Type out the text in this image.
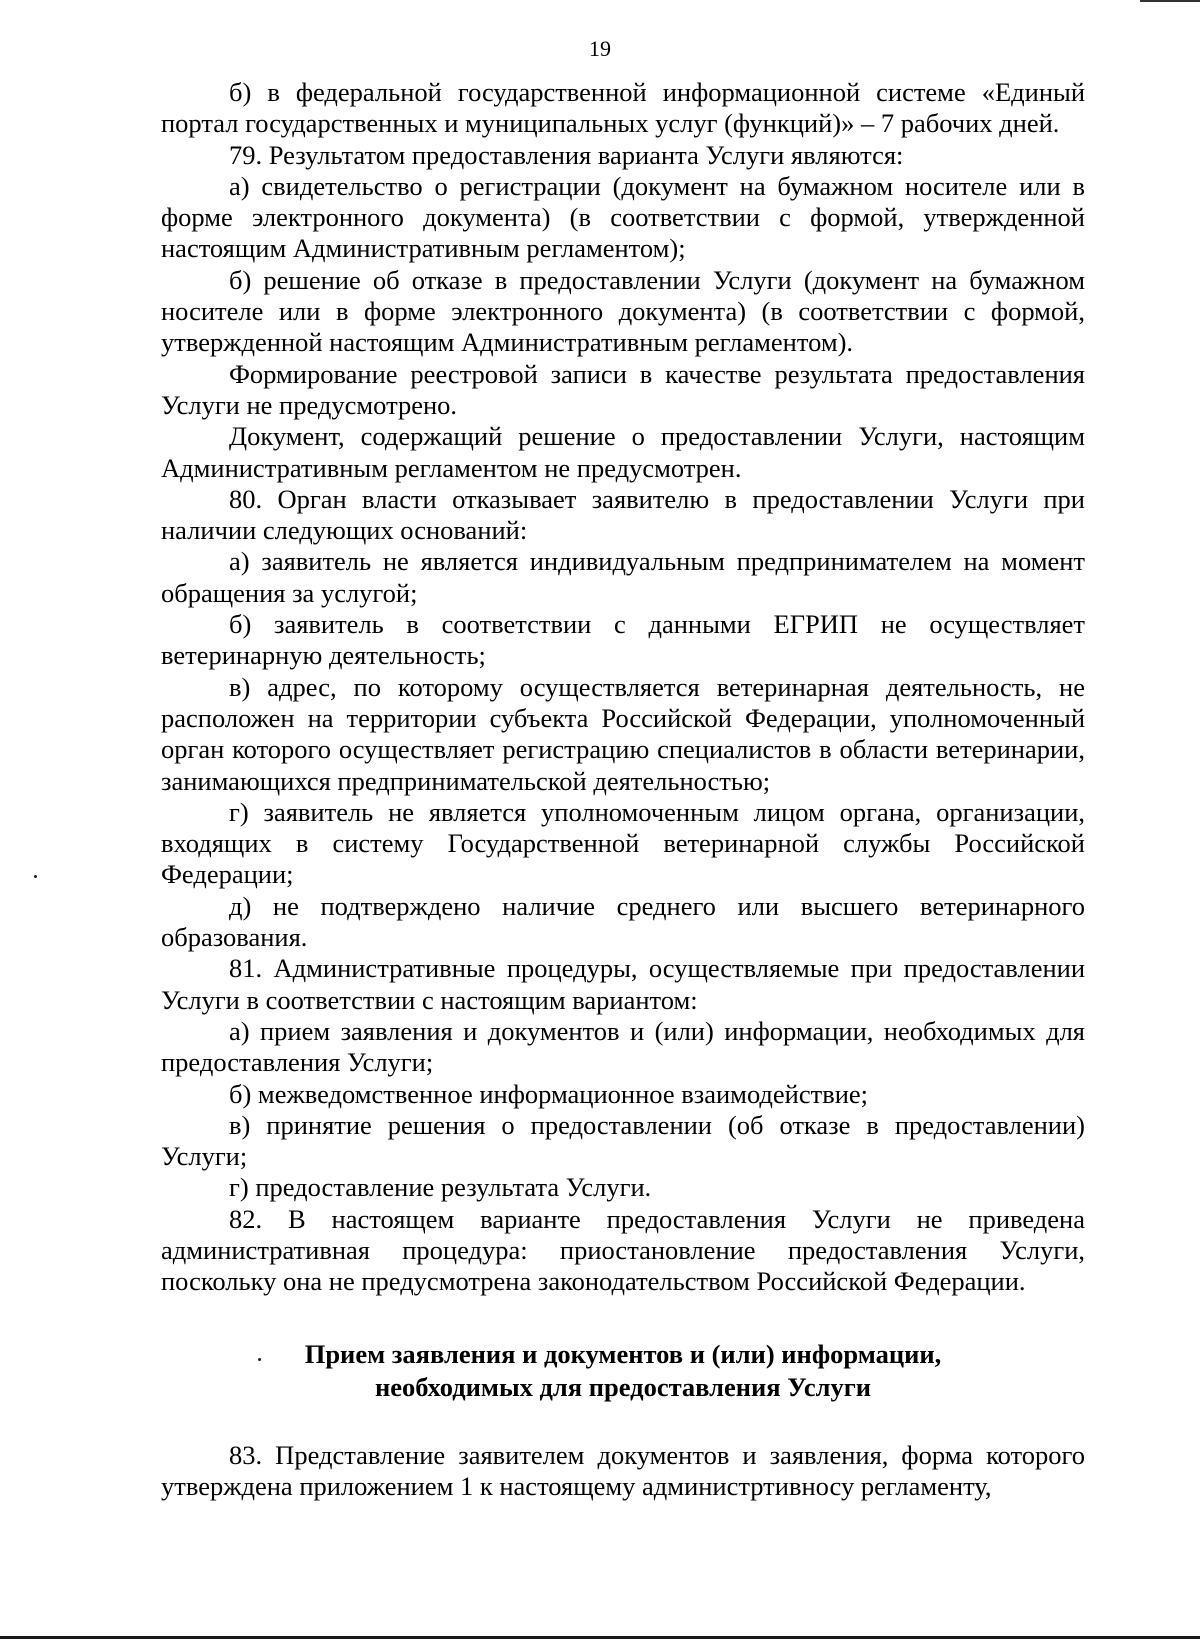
19

б) в федеральной государственной информационной системе «Единый портал государственных и муниципальных услуг (функций)» – 7 рабочих дней.

79. Результатом предоставления варианта Услуги являются:

а) свидетельство о регистрации (документ на бумажном носителе или в форме электронного документа) (в соответствии с формой, утвержденной настоящим Административным регламентом);

б) решение об отказе в предоставлении Услуги (документ на бумажном носителе или в форме электронного документа) (в соответствии с формой, утвержденной настоящим Административным регламентом).

Формирование реестровой записи в качестве результата предоставления Услуги не предусмотрено.

Документ, содержащий решение о предоставлении Услуги, настоящим Административным регламентом не предусмотрен.

80. Орган власти отказывает заявителю в предоставлении Услуги при наличии следующих оснований:

а) заявитель не является индивидуальным предпринимателем на момент обращения за услугой;

б) заявитель в соответствии с данными ЕГРИП не осуществляет ветеринарную деятельность;

в) адрес, по которому осуществляется ветеринарная деятельность, не расположен на территории субъекта Российской Федерации, уполномоченный орган которого осуществляет регистрацию специалистов в области ветеринарии, занимающихся предпринимательской деятельностью;

г) заявитель не является уполномоченным лицом органа, организации, входящих в систему Государственной ветеринарной службы Российской Федерации;

д) не подтверждено наличие среднего или высшего ветеринарного образования.

81. Административные процедуры, осуществляемые при предоставлении Услуги в соответствии с настоящим вариантом:

а) прием заявления и документов и (или) информации, необходимых для предоставления Услуги;

б) межведомственное информационное взаимодействие;

в) принятие решения о предоставлении (об отказе в предоставлении) Услуги;

г) предоставление результата Услуги.

82. В настоящем варианте предоставления Услуги не приведена административная процедура: приостановление предоставления Услуги, поскольку она не предусмотрена законодательством Российской Федерации.

Прием заявления и документов и (или) информации,
необходимых для предоставления Услуги

83. Представление заявителем документов и заявления, форма которого утверждена приложением 1 к настоящему администртивносу регламенту,
